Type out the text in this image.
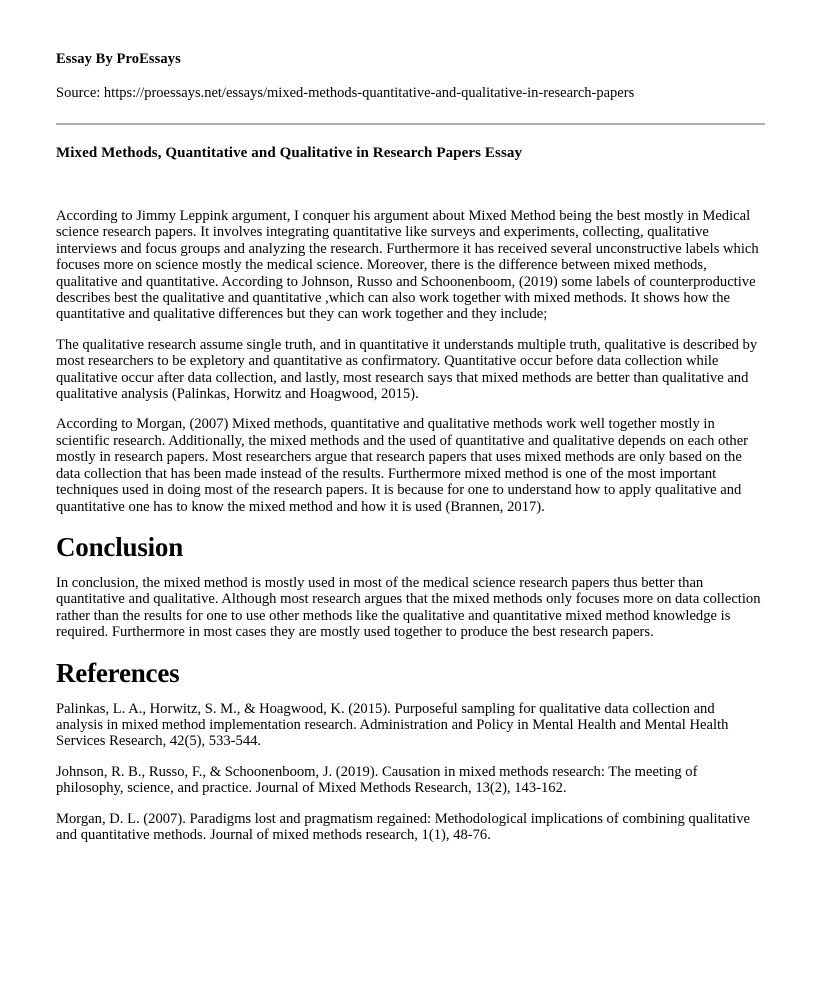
Essay By ProEssays
Source: https://proessays.net/essays/mixed-methods-quantitative-and-qualitative-in-research-papers
Mixed Methods, Quantitative and Qualitative in Research Papers Essay

According to Jimmy Leppink argument, I conquer his argument about Mixed Method being the best mostly in Medical science research papers. It involves integrating quantitative like surveys and experiments, collecting, qualitative interviews and focus groups and analyzing the research. Furthermore it has received several unconstructive labels which focuses more on science mostly the medical science. Moreover, there is the difference between mixed methods, qualitative and quantitative. According to Johnson, Russo and Schoonenboom, (2019) some labels of counterproductive describes best the qualitative and quantitative ,which can also work together with mixed methods. It shows how the quantitative and qualitative differences but they can work together and they include;

The qualitative research assume single truth, and in quantitative it understands multiple truth, qualitative is described by most researchers to be expletory and quantitative as confirmatory. Quantitative occur before data collection while qualitative occur after data collection, and lastly, most research says that mixed methods are better than qualitative and qualitative analysis (Palinkas, Horwitz and Hoagwood, 2015).

According to Morgan, (2007) Mixed methods, quantitative and qualitative methods work well together mostly in scientific research. Additionally, the mixed methods and the used of quantitative and qualitative depends on each other mostly in research papers. Most researchers argue that research papers that uses mixed methods are only based on the data collection that has been made instead of the results. Furthermore mixed method is one of the most important techniques used in doing most of the research papers. It is because for one to understand how to apply qualitative and quantitative one has to know the mixed method and how it is used (Brannen, 2017).

Conclusion

In conclusion, the mixed method is mostly used in most of the medical science research papers thus better than quantitative and qualitative. Although most research argues that the mixed methods only focuses more on data collection rather than the results for one to use other methods like the qualitative and quantitative mixed method knowledge is required. Furthermore in most cases they are mostly used together to produce the best research papers.

References

Palinkas, L. A., Horwitz, S. M., & Hoagwood, K. (2015). Purposeful sampling for qualitative data collection and analysis in mixed method implementation research. Administration and Policy in Mental Health and Mental Health Services Research, 42(5), 533-544.

Johnson, R. B., Russo, F., & Schoonenboom, J. (2019). Causation in mixed methods research: The meeting of philosophy, science, and practice. Journal of Mixed Methods Research, 13(2), 143-162.

Morgan, D. L. (2007). Paradigms lost and pragmatism regained: Methodological implications of combining qualitative and quantitative methods. Journal of mixed methods research, 1(1), 48-76.
